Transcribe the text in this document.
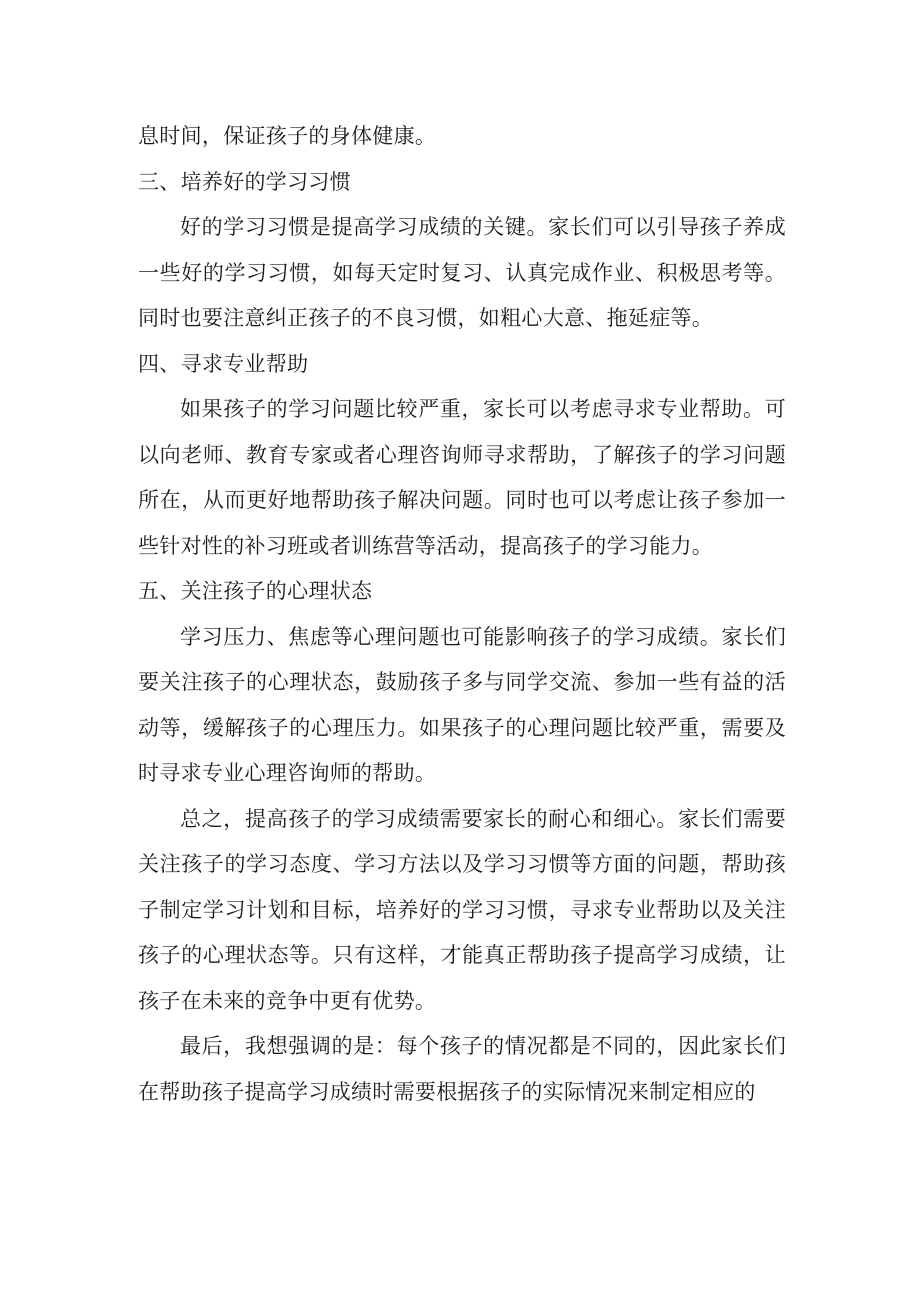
息时间，保证孩子的身体健康。

三、培养好的学习习惯

好的学习习惯是提高学习成绩的关键。家长们可以引导孩子养成一些好的学习习惯，如每天定时复习、认真完成作业、积极思考等。同时也要注意纠正孩子的不良习惯，如粗心大意、拖延症等。

四、寻求专业帮助

如果孩子的学习问题比较严重，家长可以考虑寻求专业帮助。可以向老师、教育专家或者心理咨询师寻求帮助，了解孩子的学习问题所在，从而更好地帮助孩子解决问题。同时也可以考虑让孩子参加一些针对性的补习班或者训练营等活动，提高孩子的学习能力。

五、关注孩子的心理状态

学习压力、焦虑等心理问题也可能影响孩子的学习成绩。家长们要关注孩子的心理状态，鼓励孩子多与同学交流、参加一些有益的活动等，缓解孩子的心理压力。如果孩子的心理问题比较严重，需要及时寻求专业心理咨询师的帮助。

总之，提高孩子的学习成绩需要家长的耐心和细心。家长们需要关注孩子的学习态度、学习方法以及学习习惯等方面的问题，帮助孩子制定学习计划和目标，培养好的学习习惯，寻求专业帮助以及关注孩子的心理状态等。只有这样，才能真正帮助孩子提高学习成绩，让孩子在未来的竞争中更有优势。

最后，我想强调的是：每个孩子的情况都是不同的，因此家长们在帮助孩子提高学习成绩时需要根据孩子的实际情况来制定相应的
